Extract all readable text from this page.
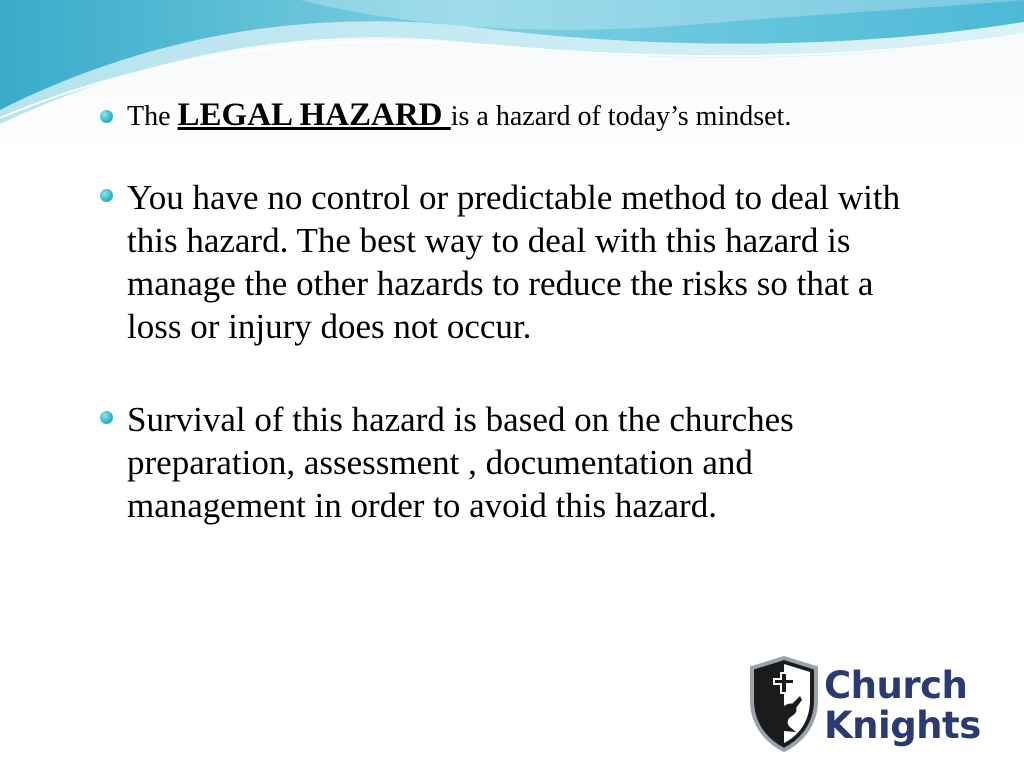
The LEGAL HAZARD is a hazard of today’s mindset.

You have no control or predictable method to deal with this hazard. The best way to deal with this hazard is manage the other hazards to reduce the risks so that a loss or injury does not occur.

Survival of this hazard is based on the churches preparation, assessment , documentation and management in order to avoid this hazard.

Church
Knights
